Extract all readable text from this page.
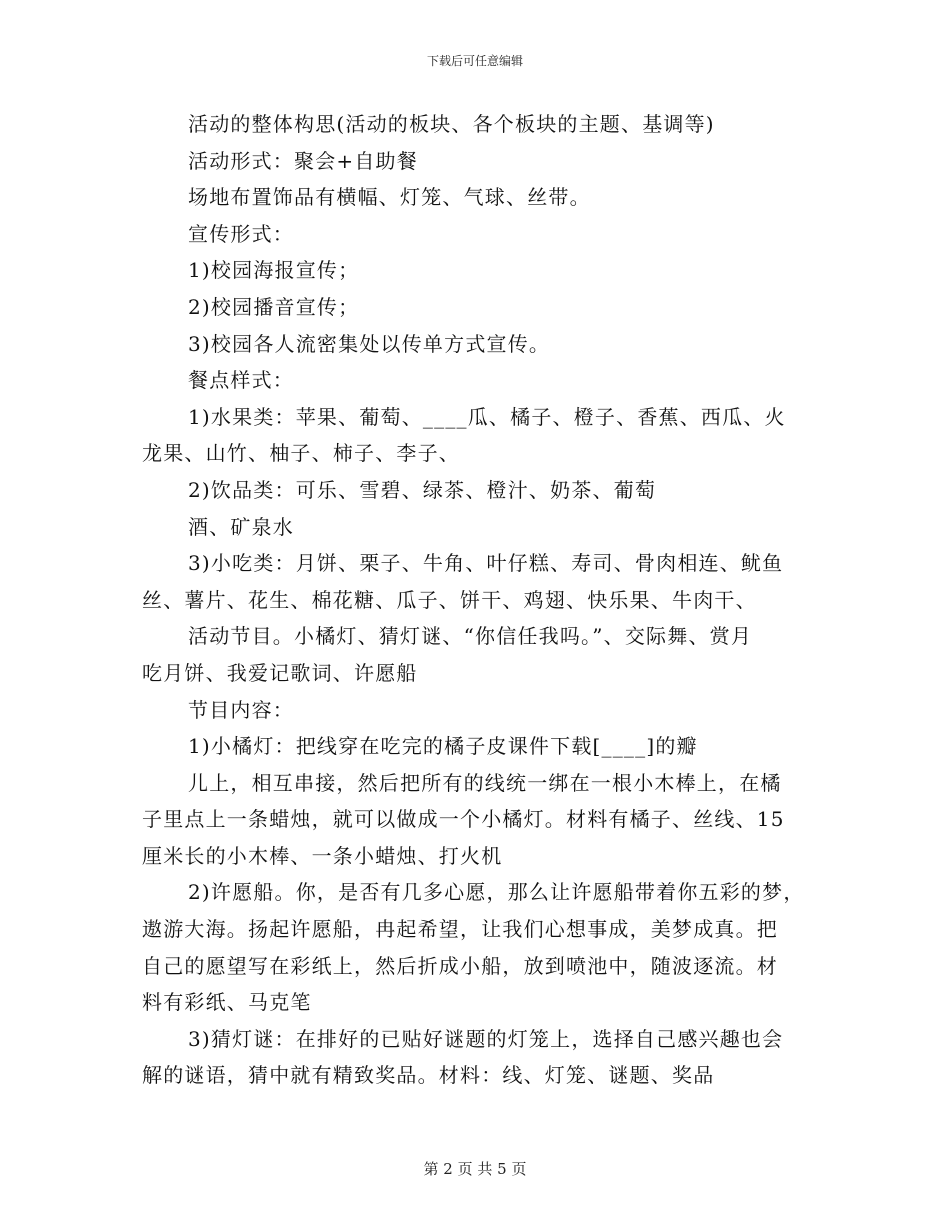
下载后可任意编辑
活动的整体构思(活动的板块、各个板块的主题、基调等)
活动形式：聚会+自助餐
场地布置饰品有横幅、灯笼、气球、丝带。
宣传形式：
1)校园海报宣传；
2)校园播音宣传；
3)校园各人流密集处以传单方式宣传。
餐点样式：
1)水果类：苹果、葡萄、____瓜、橘子、橙子、香蕉、西瓜、火
龙果、山竹、柚子、柿子、李子、
2)饮品类：可乐、雪碧、绿茶、橙汁、奶茶、葡萄
酒、矿泉水
3)小吃类：月饼、栗子、牛角、叶仔糕、寿司、骨肉相连、鱿鱼
丝、薯片、花生、棉花糖、瓜子、饼干、鸡翅、快乐果、牛肉干、
活动节目。小橘灯、猜灯谜、“你信任我吗。”、交际舞、赏月
吃月饼、我爱记歌词、许愿船
节目内容：
1)小橘灯：把线穿在吃完的橘子皮课件下载[____]的瓣
儿上，相互串接，然后把所有的线统一绑在一根小木棒上，在橘
子里点上一条蜡烛，就可以做成一个小橘灯。材料有橘子、丝线、15
厘米长的小木棒、一条小蜡烛、打火机
2)许愿船。你，是否有几多心愿，那么让许愿船带着你五彩的梦，
遨游大海。扬起许愿船，冉起希望，让我们心想事成，美梦成真。把
自己的愿望写在彩纸上，然后折成小船，放到喷池中，随波逐流。材
料有彩纸、马克笔
3)猜灯谜：在排好的已贴好谜题的灯笼上，选择自己感兴趣也会
解的谜语，猜中就有精致奖品。材料：线、灯笼、谜题、奖品
第 2 页 共 5 页
